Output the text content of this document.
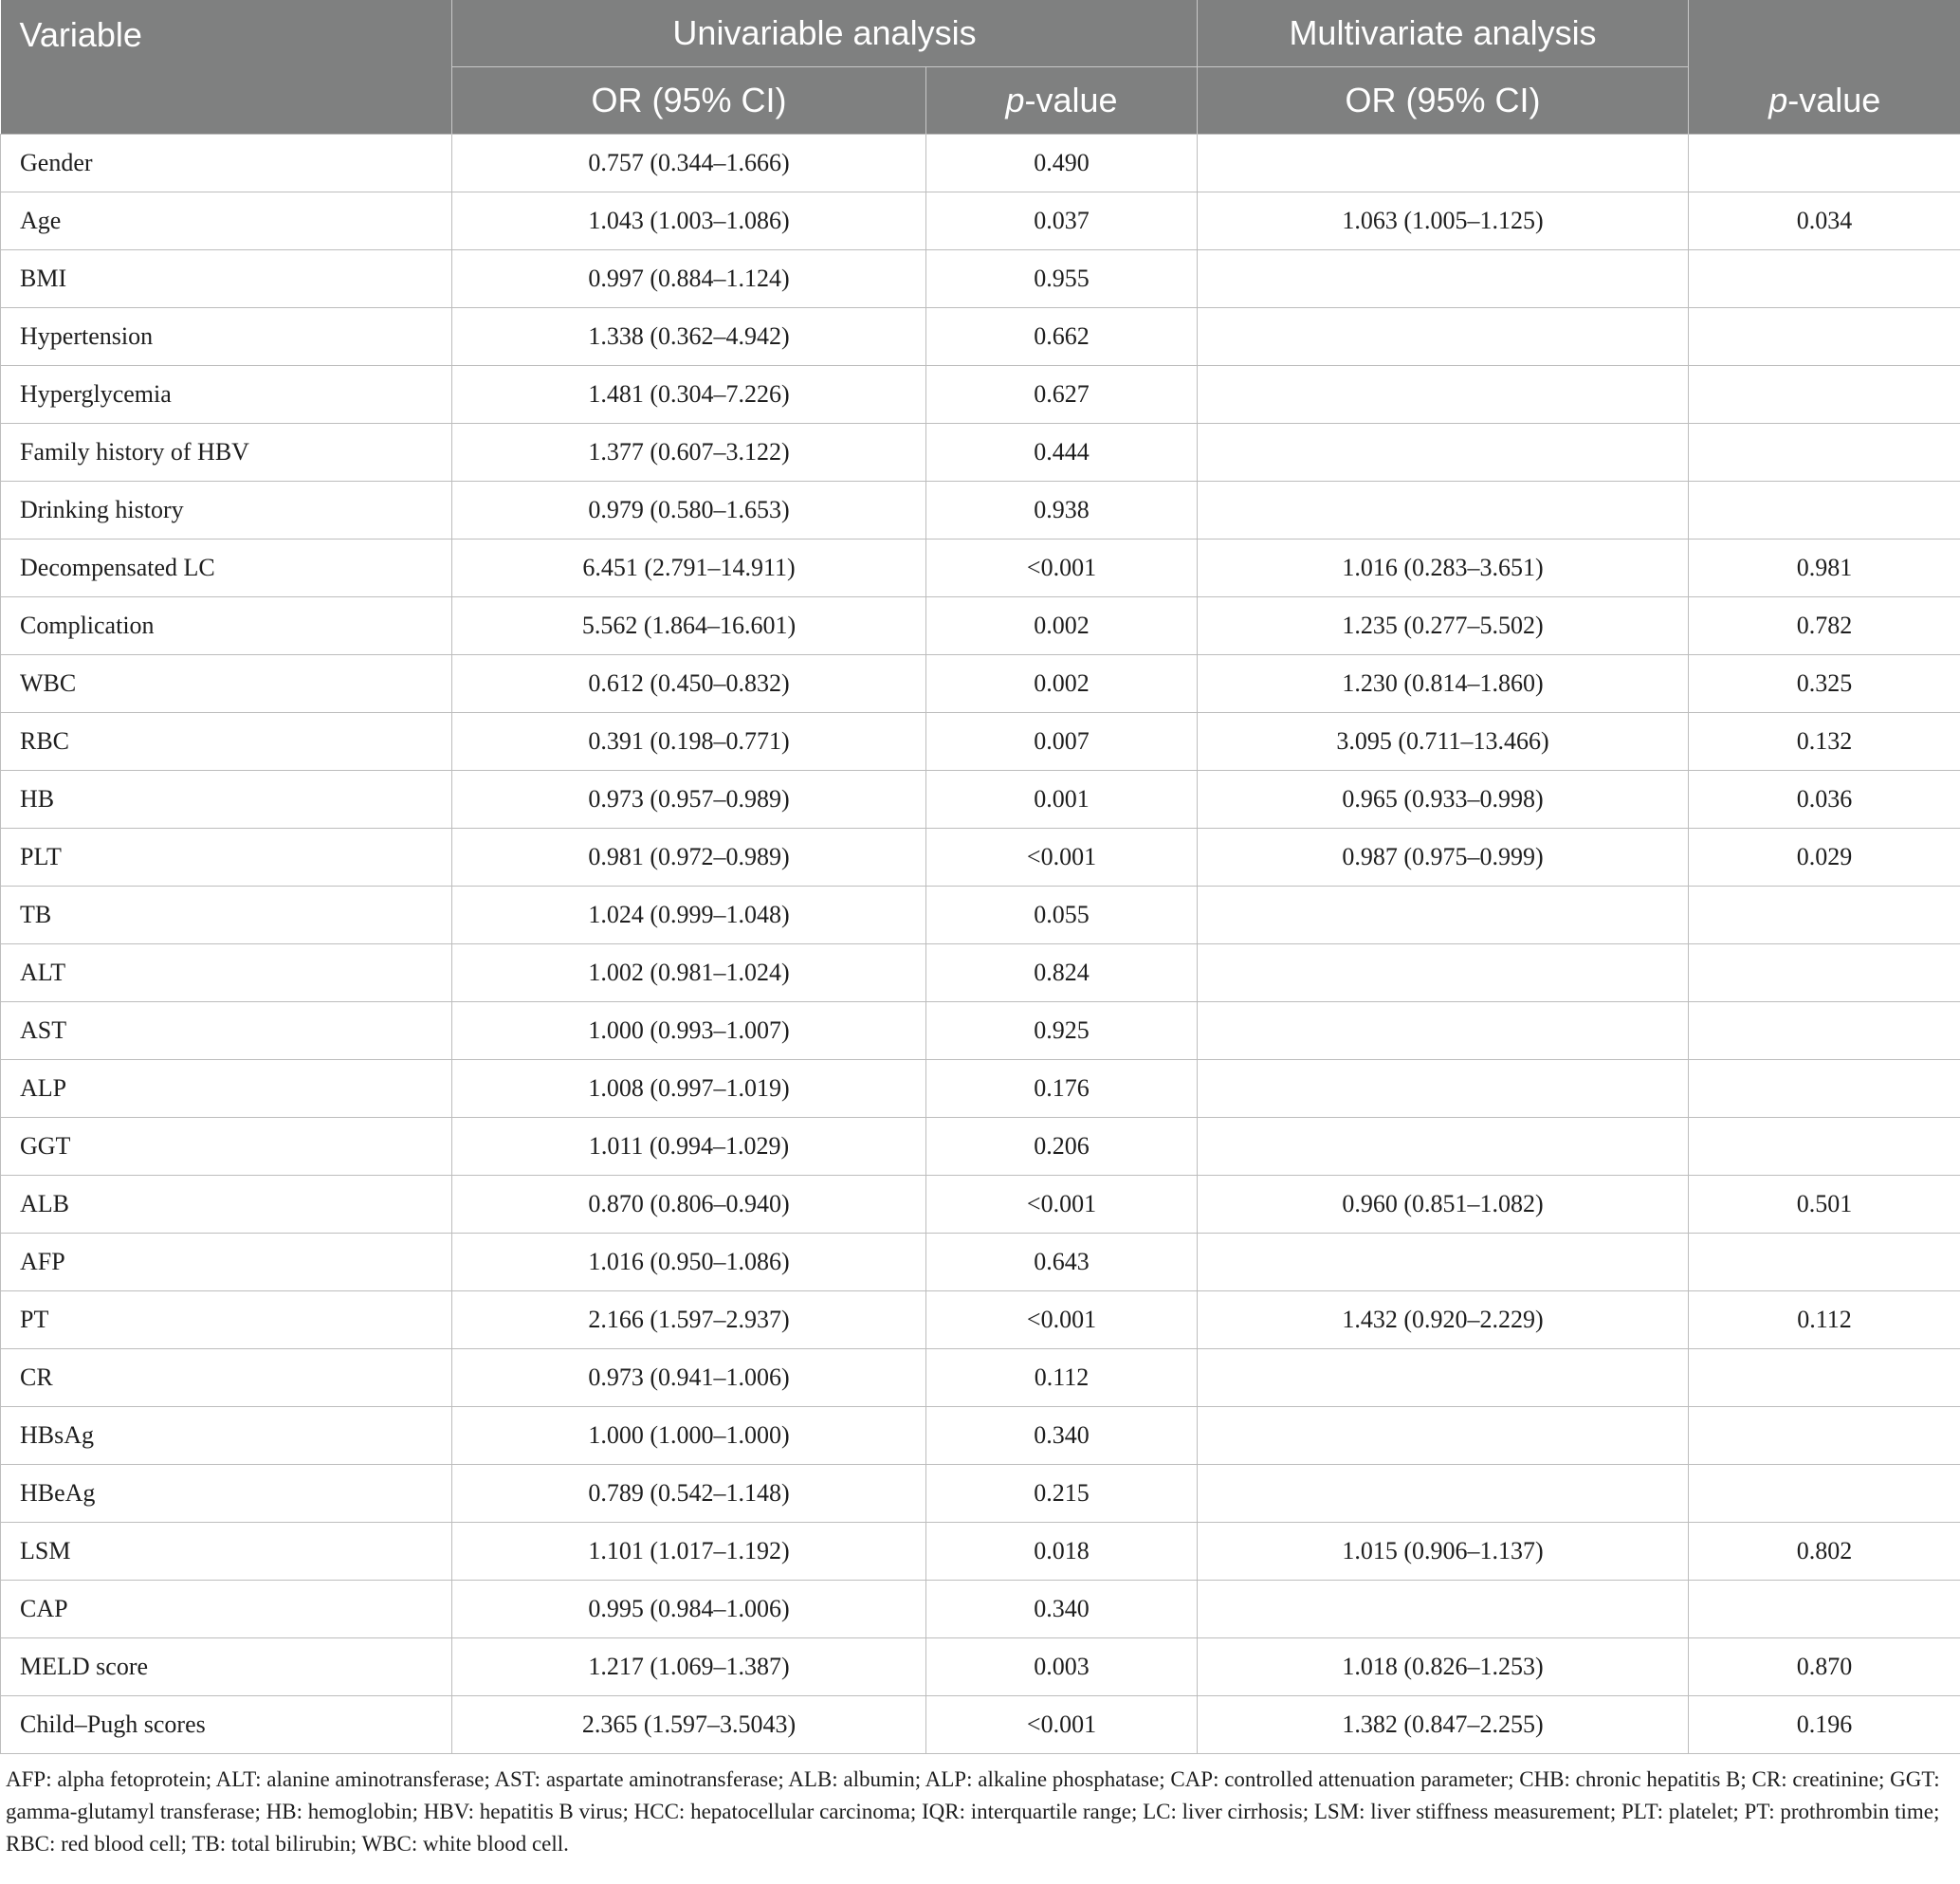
Variable	Univariable analysis		Multivariate analysis	p-value
	OR (95% CI)	p-value	OR (95% CI)	
Gender	0.757 (0.344–1.666)	0.490		
Age	1.043 (1.003–1.086)	0.037	1.063 (1.005–1.125)	0.034
BMI	0.997 (0.884–1.124)	0.955		
Hypertension	1.338 (0.362–4.942)	0.662		
Hyperglycemia	1.481 (0.304–7.226)	0.627		
Family history of HBV	1.377 (0.607–3.122)	0.444		
Drinking history	0.979 (0.580–1.653)	0.938		
Decompensated LC	6.451 (2.791–14.911)	<0.001	1.016 (0.283–3.651)	0.981
Complication	5.562 (1.864–16.601)	0.002	1.235 (0.277–5.502)	0.782
WBC	0.612 (0.450–0.832)	0.002	1.230 (0.814–1.860)	0.325
RBC	0.391 (0.198–0.771)	0.007	3.095 (0.711–13.466)	0.132
HB	0.973 (0.957–0.989)	0.001	0.965 (0.933–0.998)	0.036
PLT	0.981 (0.972–0.989)	<0.001	0.987 (0.975–0.999)	0.029
TB	1.024 (0.999–1.048)	0.055		
ALT	1.002 (0.981–1.024)	0.824		
AST	1.000 (0.993–1.007)	0.925		
ALP	1.008 (0.997–1.019)	0.176		
GGT	1.011 (0.994–1.029)	0.206		
ALB	0.870 (0.806–0.940)	<0.001	0.960 (0.851–1.082)	0.501
AFP	1.016 (0.950–1.086)	0.643		
PT	2.166 (1.597–2.937)	<0.001	1.432 (0.920–2.229)	0.112
CR	0.973 (0.941–1.006)	0.112		
HBsAg	1.000 (1.000–1.000)	0.340		
HBeAg	0.789 (0.542–1.148)	0.215		
LSM	1.101 (1.017–1.192)	0.018	1.015 (0.906–1.137)	0.802
CAP	0.995 (0.984–1.006)	0.340		
MELD score	1.217 (1.069–1.387)	0.003	1.018 (0.826–1.253)	0.870
Child–Pugh scores	2.365 (1.597–3.5043)	<0.001	1.382 (0.847–2.255)	0.196
AFP: alpha fetoprotein; ALT: alanine aminotransferase; AST: aspartate aminotransferase; ALB: albumin; ALP: alkaline phosphatase; CAP: controlled attenuation parameter; CHB: chronic hepatitis B; CR: creatinine; GGT: gamma-glutamyl transferase; HB: hemoglobin; HBV: hepatitis B virus; HCC: hepatocellular carcinoma; IQR: interquartile range; LC: liver cirrhosis; LSM: liver stiffness measurement; PLT: platelet; PT: prothrombin time; RBC: red blood cell; TB: total bilirubin; WBC: white blood cell.
